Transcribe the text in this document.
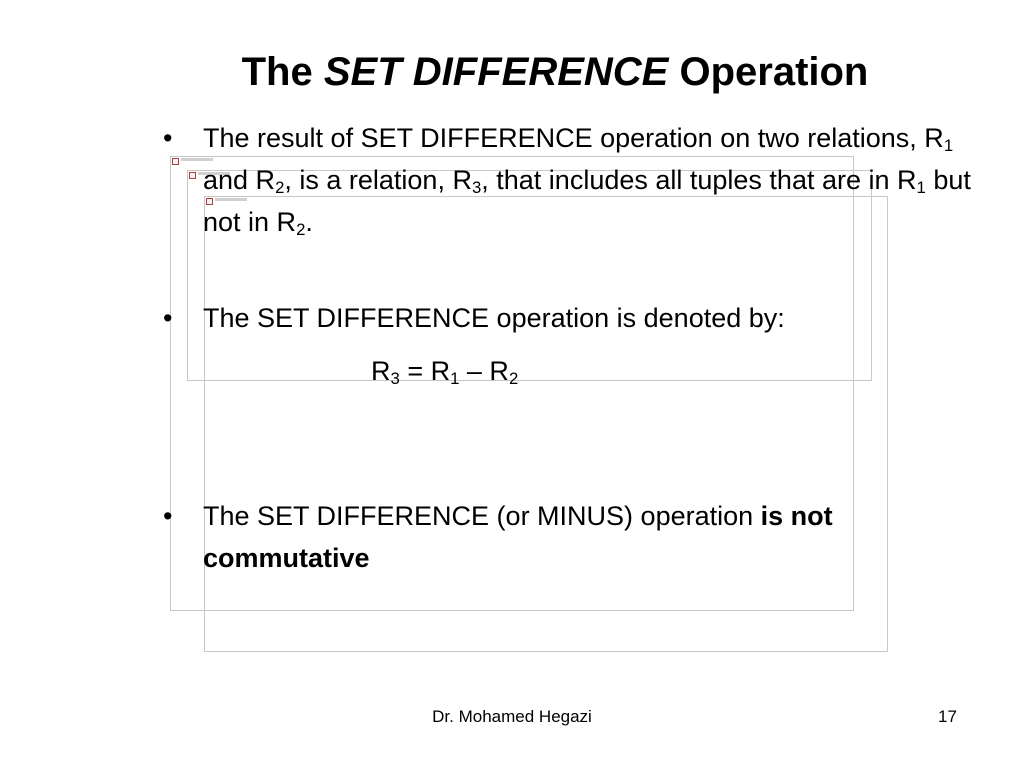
The SET DIFFERENCE Operation
•	The result of SET DIFFERENCE operation on two relations, $R_1$ and $R_2$, is a relation, $R_3$, that includes all tuples that are in $R_1$ but not in $R_2$.
•	The SET DIFFERENCE operation is denoted by:
$R_3 = R_1 - R_2$
•	The SET DIFFERENCE (or MINUS) operation is not commutative
Dr. Mohamed Hegazi	17
